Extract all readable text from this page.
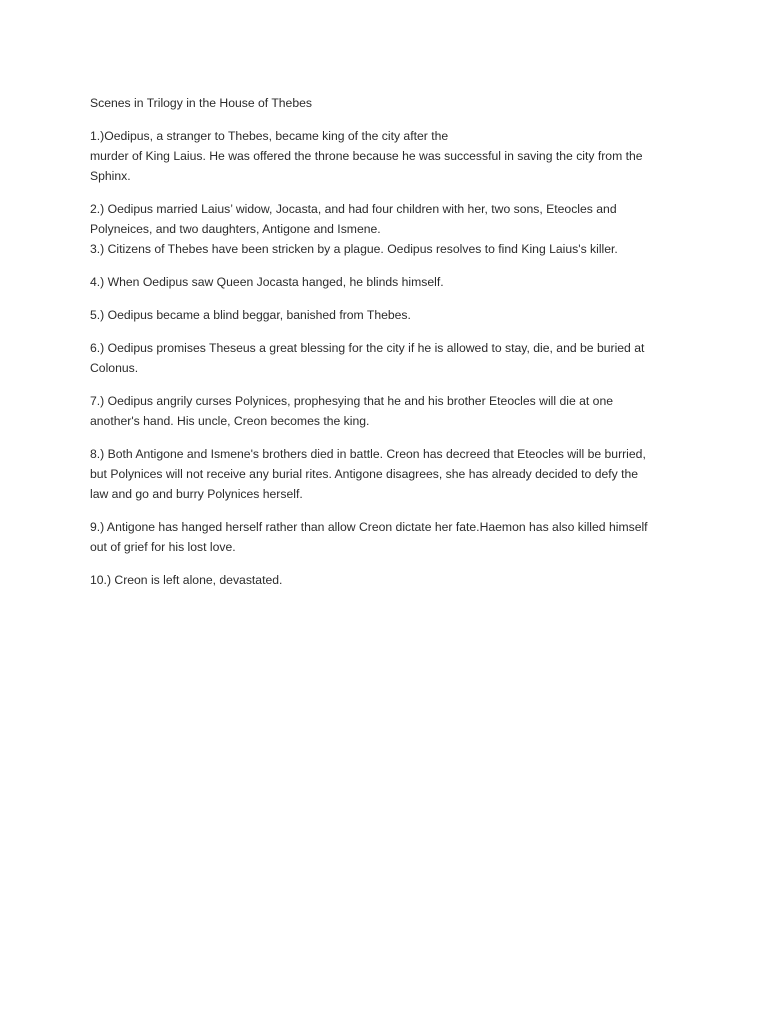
Scenes in Trilogy in the House of Thebes
1.)Oedipus, a stranger to Thebes, became king of the city after the
murder of King Laius. He was offered the throne because he was successful in saving the city from the
Sphinx.
2.) Oedipus married Laius’ widow, Jocasta, and had four children with her, two sons, Eteocles and
Polyneices, and two daughters, Antigone and Ismene.
3.) Citizens of Thebes have been stricken by a plague. Oedipus resolves to find King Laius's killer.
4.) When Oedipus saw Queen Jocasta hanged, he blinds himself.
5.) Oedipus became a blind beggar, banished from Thebes.
6.) Oedipus promises Theseus a great blessing for the city if he is allowed to stay, die, and be buried at
Colonus.
7.) Oedipus angrily curses Polynices, prophesying that he and his brother Eteocles will die at one
another's hand. His uncle, Creon becomes the king.
8.) Both Antigone and Ismene's brothers died in battle. Creon has decreed that Eteocles will be burried,
but Polynices will not receive any burial rites. Antigone disagrees, she has already decided to defy the
law and go and burry Polynices herself.
9.) Antigone has hanged herself rather than allow Creon dictate her fate.Haemon has also killed himself
out of grief for his lost love.
10.) Creon is left alone, devastated.
